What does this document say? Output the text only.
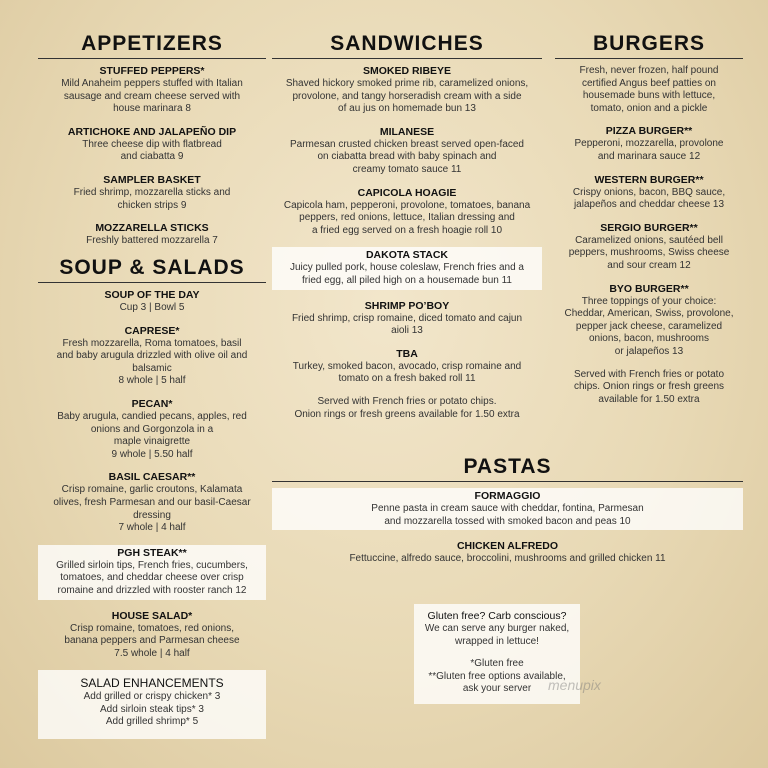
APPETIZERS
STUFFED PEPPERS*
Mild Anaheim peppers stuffed with Italian
sausage and cream cheese served with
house marinara 8
ARTICHOKE AND JALAPEÑO DIP
Three cheese dip with flatbread
and ciabatta 9
SAMPLER BASKET
Fried shrimp, mozzarella sticks and
chicken strips 9
MOZZARELLA STICKS
Freshly battered mozzarella 7
SOUP & SALADS
SOUP OF THE DAY
Cup 3 | Bowl 5
CAPRESE*
Fresh mozzarella, Roma tomatoes, basil
and baby arugula drizzled with olive oil and
balsamic
8 whole | 5 half
PECAN*
Baby arugula, candied pecans, apples, red
onions and Gorgonzola in a
maple vinaigrette
9 whole | 5.50 half
BASIL CAESAR**
Crisp romaine, garlic croutons, Kalamata
olives, fresh Parmesan and our basil-Caesar
dressing
7 whole | 4 half
PGH STEAK**
Grilled sirloin tips, French fries, cucumbers,
tomatoes, and cheddar cheese over crisp
romaine and drizzled with rooster ranch 12
HOUSE SALAD*
Crisp romaine, tomatoes, red onions,
banana peppers and Parmesan cheese
7.5 whole | 4 half
SALAD ENHANCEMENTS
Add grilled or crispy chicken* 3
Add sirloin steak tips* 3
Add grilled shrimp* 5
SANDWICHES
SMOKED RIBEYE
Shaved hickory smoked prime rib, caramelized onions,
provolone, and tangy horseradish cream with a side
of au jus on homemade bun 13
MILANESE
Parmesan crusted chicken breast served open-faced
on ciabatta bread with baby spinach and
creamy tomato sauce 11
CAPICOLA HOAGIE
Capicola ham, pepperoni, provolone, tomatoes, banana
peppers, red onions, lettuce, Italian dressing and
a fried egg served on a fresh hoagie roll 10
DAKOTA STACK
Juicy pulled pork, house coleslaw, French fries and a
fried egg, all piled high on a housemade bun 11
SHRIMP PO’BOY
Fried shrimp, crisp romaine, diced tomato and cajun
aioli 13
TBA
Turkey, smoked bacon, avocado, crisp romaine and
tomato on a fresh baked roll 11
Served with French fries or potato chips.
Onion rings or fresh greens available for 1.50 extra
BURGERS
Fresh, never frozen, half pound
certified Angus beef patties on
housemade buns with lettuce,
tomato, onion and a pickle
PIZZA BURGER**
Pepperoni, mozzarella, provolone
and marinara sauce 12
WESTERN BURGER**
Crispy onions, bacon, BBQ sauce,
jalapeños and cheddar cheese 13
SERGIO BURGER**
Caramelized onions, sautéed bell
peppers, mushrooms, Swiss cheese
and sour cream 12
BYO BURGER**
Three toppings of your choice:
Cheddar, American, Swiss, provolone,
pepper jack cheese, caramelized
onions, bacon, mushrooms
or jalapeños 13
Served with French fries or potato
chips. Onion rings or fresh greens
available for 1.50 extra
PASTAS
FORMAGGIO
Penne pasta in cream sauce with cheddar, fontina, Parmesan
and mozzarella tossed with smoked bacon and peas 10
CHICKEN ALFREDO
Fettuccine, alfredo sauce, broccolini, mushrooms and grilled chicken 11
Gluten free? Carb conscious?
We can serve any burger naked,
wrapped in lettuce!
*Gluten free
**Gluten free options available,
ask your server	menupix
